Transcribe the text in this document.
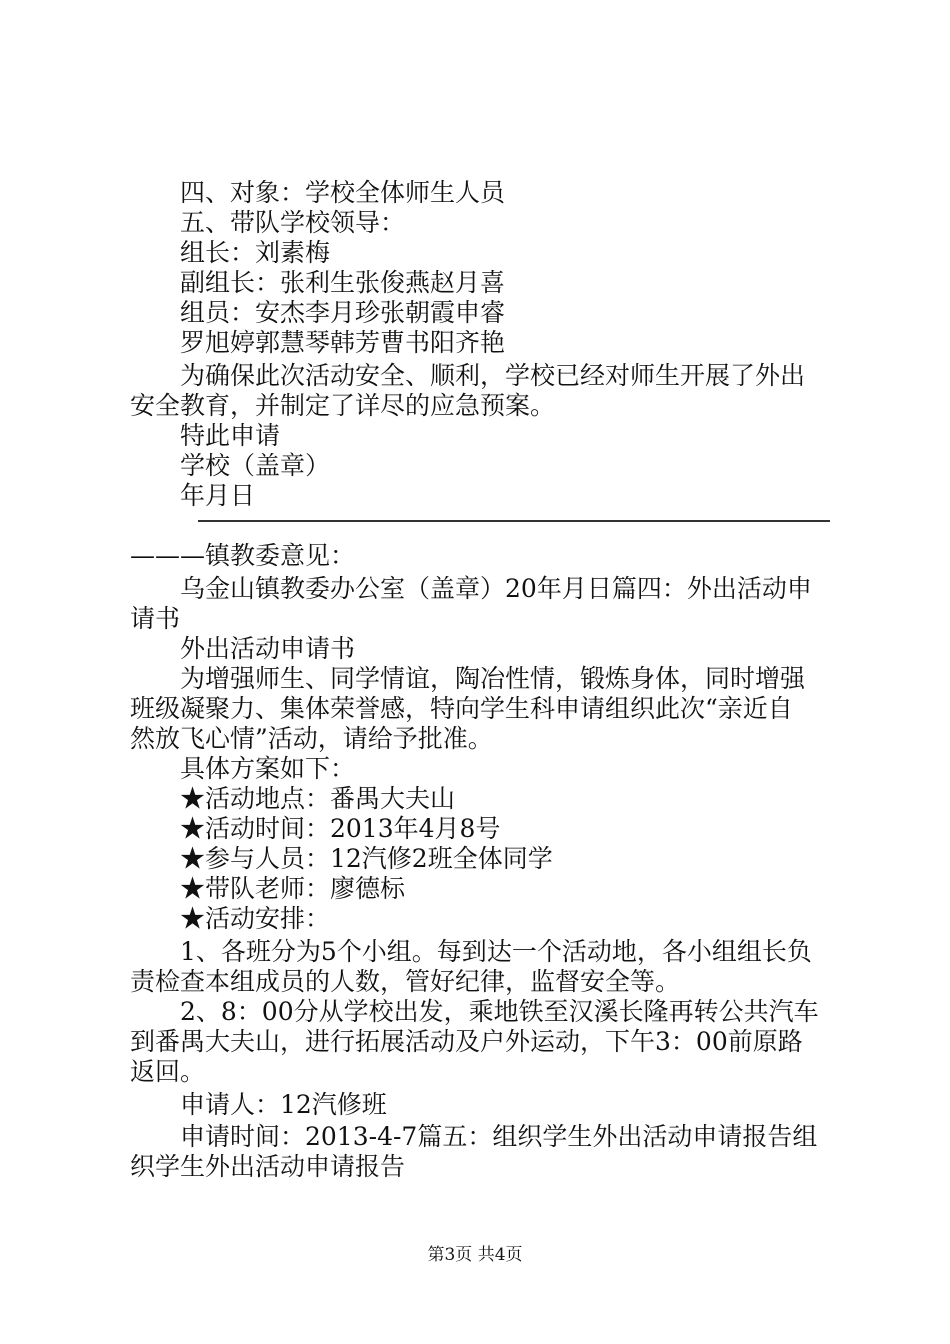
四、对象：学校全体师生人员
五、带队学校领导：
组长：刘素梅
副组长：张利生张俊燕赵月喜
组员：安杰李月珍张朝霞申睿
罗旭婷郭慧琴韩芳曹书阳齐艳
为确保此次活动安全、顺利，学校已经对师生开展了外出
安全教育，并制定了详尽的应急预案。
特此申请
学校（盖章）
年月日
———镇教委意见：
乌金山镇教委办公室（盖章）20年月日篇四：外出活动申
请书
外出活动申请书
为增强师生、同学情谊，陶冶性情，锻炼身体，同时增强
班级凝聚力、集体荣誉感，特向学生科申请组织此次“亲近自
然放飞心情”活动，请给予批准。
具体方案如下：
★活动地点：番禺大夫山
★活动时间：2013年4月8号
★参与人员：12汽修2班全体同学
★带队老师：廖德标
★活动安排：
1、各班分为5个小组。每到达一个活动地，各小组组长负
责检查本组成员的人数，管好纪律，监督安全等。
2、8：00分从学校出发，乘地铁至汉溪长隆再转公共汽车
到番禺大夫山，进行拓展活动及户外运动，下午3：00前原路
返回。
申请人：12汽修班
申请时间：2013-4-7篇五：组织学生外出活动申请报告组
织学生外出活动申请报告
第3页 共4页
